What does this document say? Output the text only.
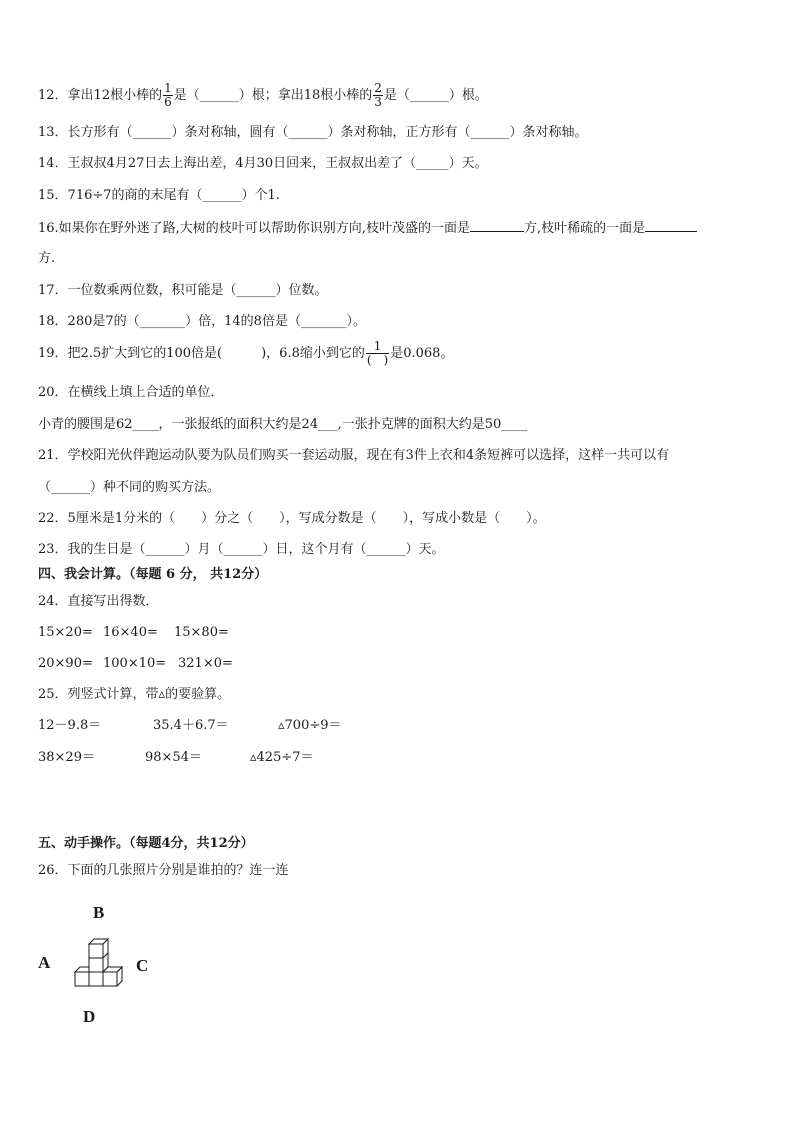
12．拿出12根小棒的 $\frac{1}{6}$ 是（______）根；拿出18根小棒的 $\frac{2}{3}$ 是（______）根。
13．长方形有（______）条对称轴，圆有（______）条对称轴，正方形有（______）条对称轴。
14．王叔叔4月27日去上海出差，4月30日回来，王叔叔出差了（_____）天。
15．716÷7的商的末尾有（______）个1.
16.如果你在野外迷了路,大树的枝叶可以帮助你识别方向,枝叶茂盛的一面是	方,枝叶稀疏的一面是
方.
17．一位数乘两位数，积可能是（______）位数。
18．280是7的（_______）倍，14的8倍是（_______）。
19．把2.5扩大到它的100倍是(　　　)，6.8缩小到它的 $\frac{1}{( )}$ 是0.068。
20．在横线上填上合适的单位．
小青的腰围是62____，一张报纸的面积大约是24___,一张扑克牌的面积大约是50____
21．学校阳光伙伴跑运动队要为队员们购买一套运动服，现在有3件上衣和4条短裤可以选择，这样一共可以有
（______）种不同的购买方法。
22．5厘米是1分米的（　　）分之（　　），写成分数是（　　），写成小数是（　　）。
23．我的生日是（______）月（______）日，这个月有（______）天。
四、我会计算。（每题 6 分， 共12分）
24．直接写出得数．
15×20= 16×40= 15×80=
20×90= 100×10= 321×0=
25．列竖式计算，带▵的要验算。
12－9.8＝	35.4＋6.7＝	▵700÷9＝
38×29＝	98×54＝	▵425÷7＝
五、动手操作。（每题4分，共12分）
26．下面的几张照片分别是谁拍的？连一连
B
A	C
D
